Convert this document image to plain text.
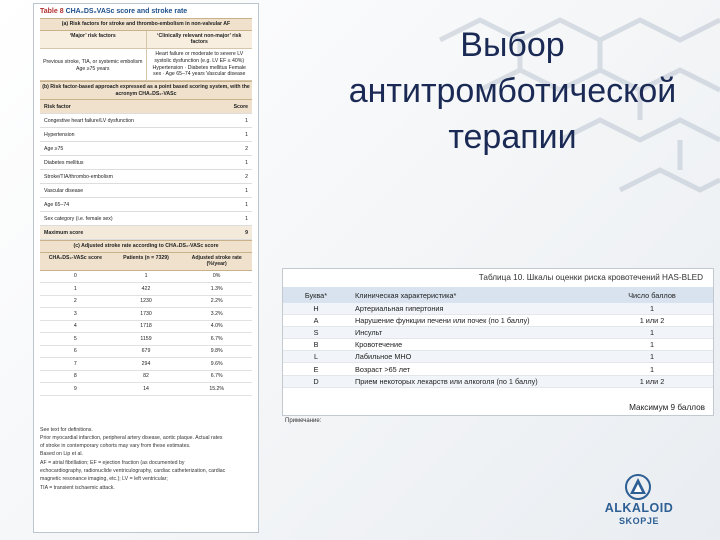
Table 8 CHA₂DS₂VASc score and stroke rate
(a) Risk factors for stroke and thrombo-embolism in non-valvular AF
‘Major’ risk factors	‘Clinically relevant non-major’ risk factors
Previous stroke, TIA, or systemic embolism Age ≥75 years
Heart failure or moderate to severe LV systolic dysfunction (e.g. LV EF ≤ 40%) Hypertension · Diabetes mellitus Female sex · Age 65–74 years Vascular disease
(b) Risk factor-based approach expressed as a point based scoring system, with the acronym CHA₂DS₂-VASc
Risk factor	Score
Congestive heart failure/LV dysfunction	1
Hypertension	1
Age ≥75	2
Diabetes mellitus	1
Stroke/TIA/thrombo-embolism	2
Vascular disease	1
Age 65–74	1
Sex category (i.e. female sex)	1
Maximum score	9
(c) Adjusted stroke rate according to CHA₂DS₂-VASc score
CHA₂DS₂-VASc score	Patients (n = 7329)	Adjusted stroke rate (%/year)
0	1	0%
1	422	1.3%
2	1230	2.2%
3	1730	3.2%
4	1718	4.0%
5	1159	6.7%
6	679	9.8%
7	294	9.6%
8	82	6.7%
9	14	15.2%
See text for definitions.
Prior myocardial infarction, peripheral artery disease, aortic plaque. Actual rates
of stroke in contemporary cohorts may vary from these estimates.
Based on Lip et al.
AF = atrial fibrillation; EF = ejection fraction (as documented by
echocardiography, radionuclide ventriculography, cardiac catheterization, cardiac
magnetic resonance imaging, etc.); LV = left ventricular;
TIA = transient ischaemic attack.
Выбор
антитромботической
терапии
Таблица 10. Шкалы оценки риска кровотечений HAS-BLED
Буква*	Клиническая характеристика*	Число баллов
H	Артериальная гипертония	1
A	Нарушение функции печени или почек (по 1 баллу)	1 или 2
S	Инсульт	1
B	Кровотечение	1
L	Лабильное МНО	1
E	Возраст >65 лет	1
D	Прием некоторых лекарств или алкоголя (по 1 баллу)	1 или 2
Максимум 9 баллов
Примечание:
ALKALOID
SKOPJE
